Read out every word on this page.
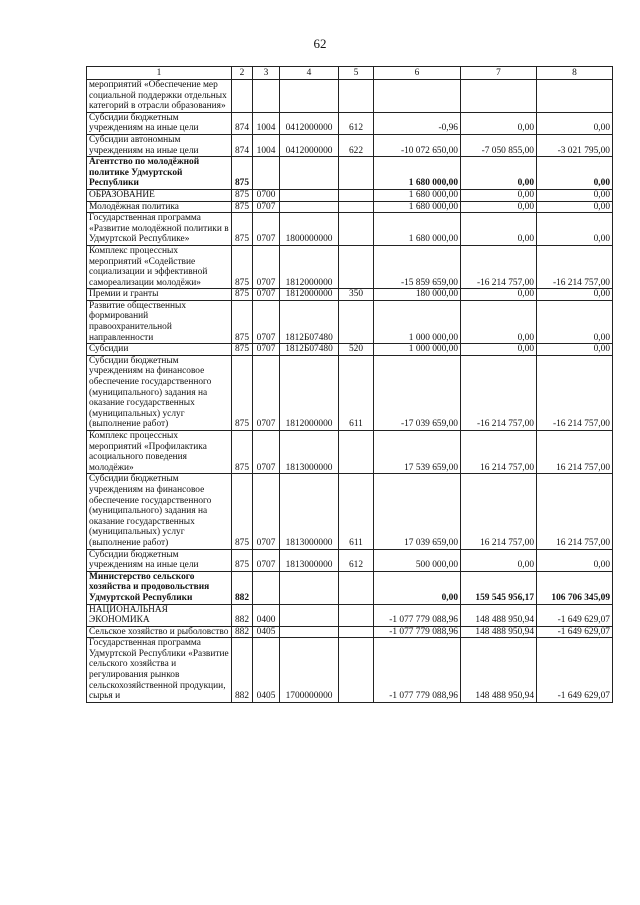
62
1	2	3	4	5	6	7	8
мероприятий «Обеспечение мер социальной поддержки отдельных категорий в отрасли образования»							
Субсидии бюджетным учреждениям на иные цели	874	1004	0412000000	612	-0,96	0,00	0,00
Субсидии автономным учреждениям на иные цели	874	1004	0412000000	622	-10 072 650,00	-7 050 855,00	-3 021 795,00
Агентство по молодёжной политике Удмуртской Республики	875				1 680 000,00	0,00	0,00
ОБРАЗОВАНИЕ	875	0700			1 680 000,00	0,00	0,00
Молодёжная политика	875	0707			1 680 000,00	0,00	0,00
Государственная программа «Развитие молодёжной политики в Удмуртской Республике»	875	0707	1800000000		1 680 000,00	0,00	0,00
Комплекс процессных мероприятий «Содействие социализации и эффективной самореализации молодёжи»	875	0707	1812000000		-15 859 659,00	-16 214 757,00	-16 214 757,00
Премии и гранты	875	0707	1812000000	350	180 000,00	0,00	0,00
Развитие общественных формирований правоохранительной направленности	875	0707	1812Б07480		1 000 000,00	0,00	0,00
Субсидии	875	0707	1812Б07480	520	1 000 000,00	0,00	0,00
Субсидии бюджетным учреждениям на финансовое обеспечение государственного (муниципального) задания на оказание государственных (муниципальных) услуг (выполнение работ)	875	0707	1812000000	611	-17 039 659,00	-16 214 757,00	-16 214 757,00
Комплекс процессных мероприятий «Профилактика асоциального поведения молодёжи»	875	0707	1813000000		17 539 659,00	16 214 757,00	16 214 757,00
Субсидии бюджетным учреждениям на финансовое обеспечение государственного (муниципального) задания на оказание государственных (муниципальных) услуг (выполнение работ)	875	0707	1813000000	611	17 039 659,00	16 214 757,00	16 214 757,00
Субсидии бюджетным учреждениям на иные цели	875	0707	1813000000	612	500 000,00	0,00	0,00
Министерство сельского хозяйства и продовольствия Удмуртской Республики	882				0,00	159 545 956,17	106 706 345,09
НАЦИОНАЛЬНАЯ ЭКОНОМИКА	882	0400			-1 077 779 088,96	148 488 950,94	-1 649 629,07
Сельское хозяйство и рыболовство	882	0405			-1 077 779 088,96	148 488 950,94	-1 649 629,07
Государственная программа Удмуртской Республики «Развитие сельского хозяйства и регулирования рынков сельскохозяйственной продукции, сырья и	882	0405	1700000000		-1 077 779 088,96	148 488 950,94	-1 649 629,07
